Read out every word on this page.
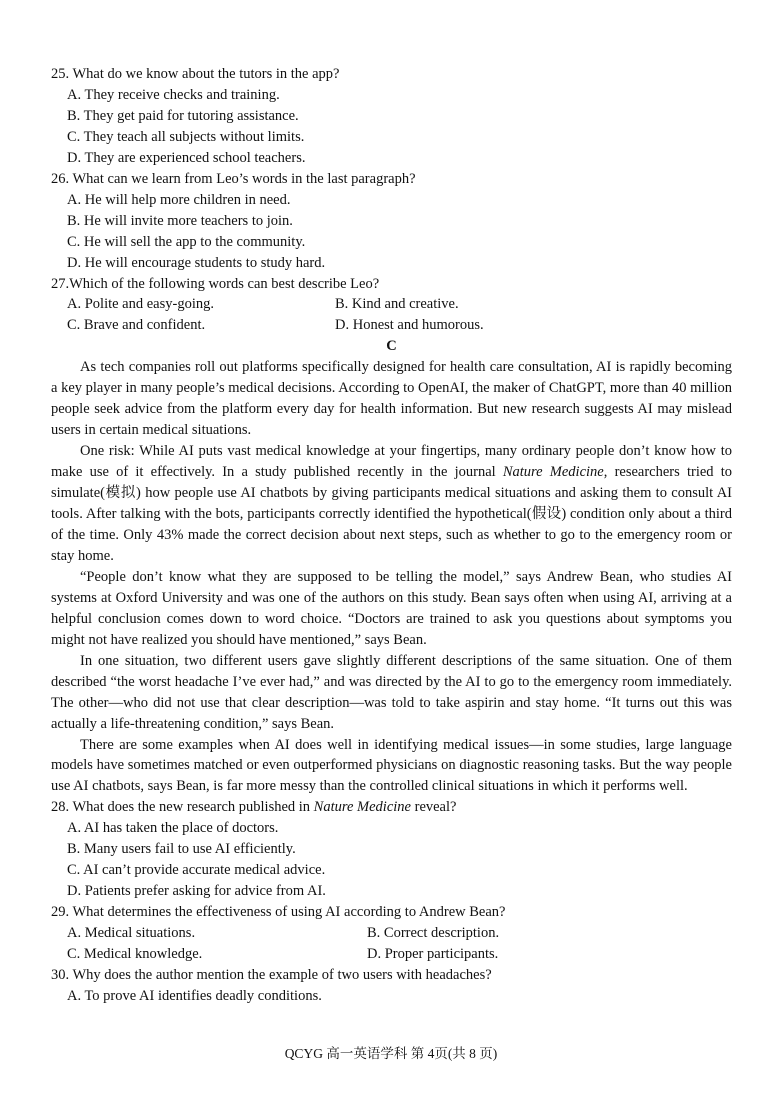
25. What do we know about the tutors in the app?
A. They receive checks and training.
B. They get paid for tutoring assistance.
C. They teach all subjects without limits.
D. They are experienced school teachers.
26. What can we learn from Leo’s words in the last paragraph?
A. He will help more children in need.
B. He will invite more teachers to join.
C. He will sell the app to the community.
D. He will encourage students to study hard.
27.Which of the following words can best describe Leo?
A. Polite and easy-going.	B. Kind and creative.
C. Brave and confident.	D. Honest and humorous.
C

As tech companies roll out platforms specifically designed for health care consultation, AI is rapidly becoming a key player in many people’s medical decisions. According to OpenAI, the maker of ChatGPT, more than 40 million people seek advice from the platform every day for health information. But new research suggests AI may mislead users in certain medical situations.

One risk: While AI puts vast medical knowledge at your fingertips, many ordinary people don’t know how to make use of it effectively. In a study published recently in the journal Nature Medicine, researchers tried to simulate(模拟) how people use AI chatbots by giving participants medical situations and asking them to consult AI tools. After talking with the bots, participants correctly identified the hypothetical(假设) condition only about a third of the time. Only 43% made the correct decision about next steps, such as whether to go to the emergency room or stay home.

“People don’t know what they are supposed to be telling the model,” says Andrew Bean, who studies AI systems at Oxford University and was one of the authors on this study. Bean says often when using AI, arriving at a helpful conclusion comes down to word choice. “Doctors are trained to ask you questions about symptoms you might not have realized you should have mentioned,” says Bean.

In one situation, two different users gave slightly different descriptions of the same situation. One of them described “the worst headache I’ve ever had,” and was directed by the AI to go to the emergency room immediately. The other—who did not use that clear description—was told to take aspirin and stay home. “It turns out this was actually a life-threatening condition,” says Bean.

There are some examples when AI does well in identifying medical issues—in some studies, large language models have sometimes matched or even outperformed physicians on diagnostic reasoning tasks. But the way people use AI chatbots, says Bean, is far more messy than the controlled clinical situations in which it performs well.

28. What does the new research published in Nature Medicine reveal?
A. AI has taken the place of doctors.
B. Many users fail to use AI efficiently.
C. AI can’t provide accurate medical advice.
D. Patients prefer asking for advice from AI.
29. What determines the effectiveness of using AI according to Andrew Bean?
A. Medical situations.	B. Correct description.
C. Medical knowledge.	D. Proper participants.
30. Why does the author mention the example of two users with headaches?
A. To prove AI identifies deadly conditions.
QCYG 高一英语学科 第 4页(共 8 页)
